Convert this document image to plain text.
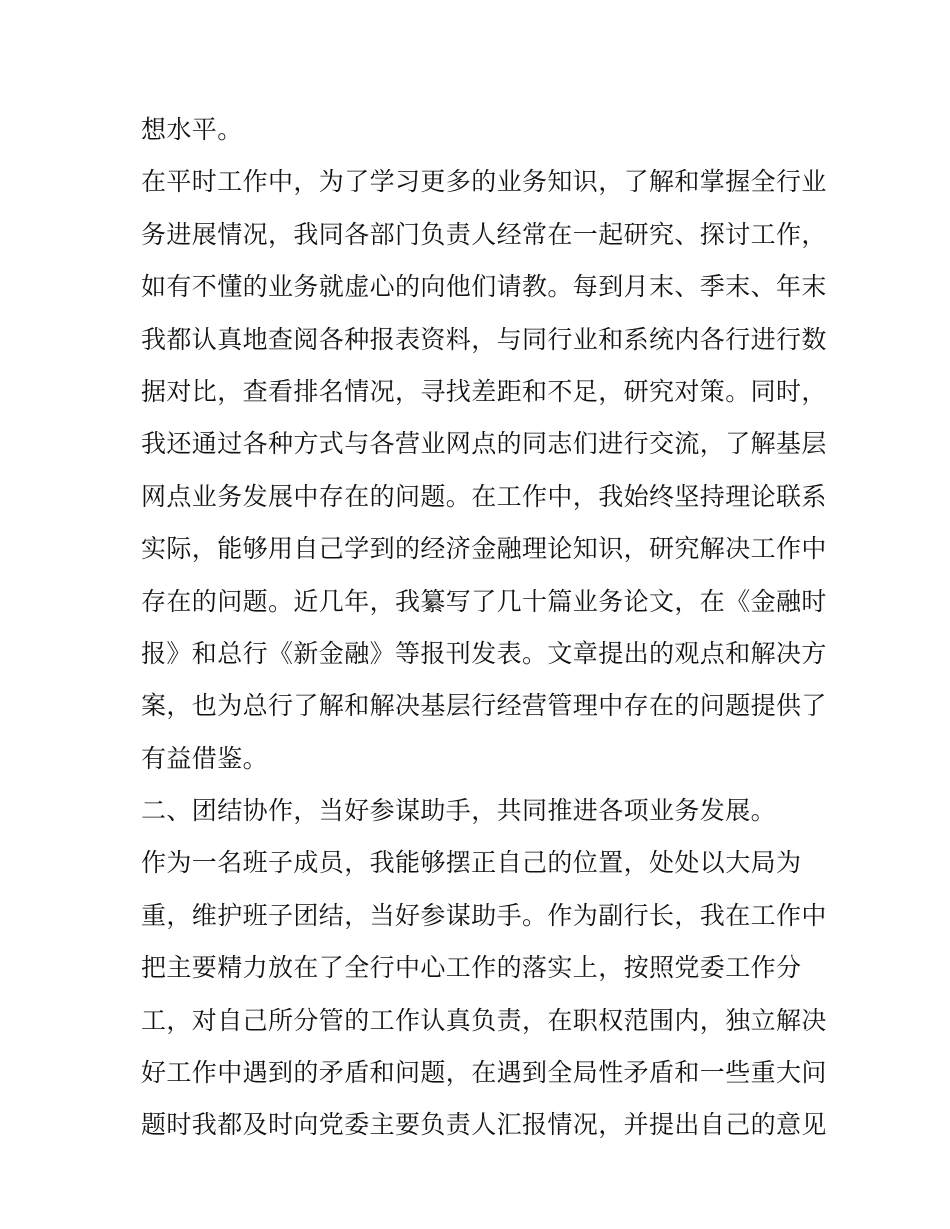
想水平。
在平时工作中，为了学习更多的业务知识，了解和掌握全行业
务进展情况，我同各部门负责人经常在一起研究、探讨工作，
如有不懂的业务就虚心的向他们请教。每到月末、季末、年末
我都认真地查阅各种报表资料，与同行业和系统内各行进行数
据对比，查看排名情况，寻找差距和不足，研究对策。同时，
我还通过各种方式与各营业网点的同志们进行交流，了解基层
网点业务发展中存在的问题。在工作中，我始终坚持理论联系
实际，能够用自己学到的经济金融理论知识，研究解决工作中
存在的问题。近几年，我纂写了几十篇业务论文，在《金融时
报》和总行《新金融》等报刊发表。文章提出的观点和解决方
案，也为总行了解和解决基层行经营管理中存在的问题提供了
有益借鉴。
二、团结协作，当好参谋助手，共同推进各项业务发展。
作为一名班子成员，我能够摆正自己的位置，处处以大局为
重，维护班子团结，当好参谋助手。作为副行长，我在工作中
把主要精力放在了全行中心工作的落实上，按照党委工作分
工，对自己所分管的工作认真负责，在职权范围内，独立解决
好工作中遇到的矛盾和问题，在遇到全局性矛盾和一些重大问
题时我都及时向党委主要负责人汇报情况，并提出自己的意见
